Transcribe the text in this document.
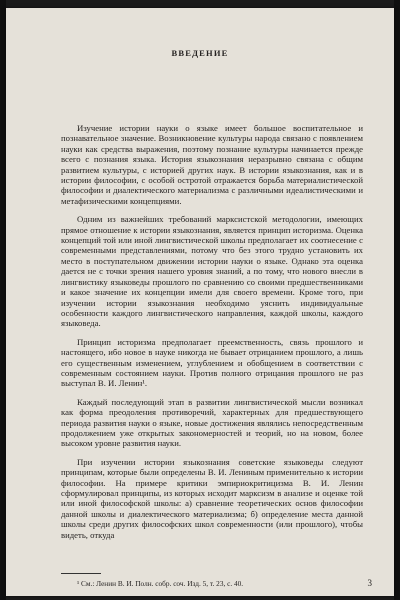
ВВЕДЕНИЕ

Изучение истории науки о языке имеет большое воспитательное и познавательное значение. Возникновение культуры народа связано с появлением науки как средства выражения, поэтому познание культуры начинается прежде всего с познания языка. История языкознания неразрывно связана с общим развитием культуры, с историей других наук. В истории языкознания, как и в истории философии, с особой остротой отражается борьба материалистической философии и диалектического материализма с различными идеалистическими и метафизическими концепциями.

Одним из важнейших требований марксистской методологии, имеющих прямое отношение к истории языкознания, является принцип историзма. Оценка концепций той или иной лингвистической школы предполагает их соотнесение с современными представлениями, потому что без этого трудно установить их место в поступательном движении истории науки о языке. Однако эта оценка дается не с точки зрения нашего уровня знаний, а по тому, что нового внесли в лингвистику языковеды прошлого по сравнению со своими предшественниками и какое значение их концепции имели для своего времени. Кроме того, при изучении истории языкознания необходимо уяснить индивидуальные особенности каждого лингвистического направления, каждой школы, каждого языковеда.

Принцип историзма предполагает преемственность, связь прошлого и настоящего, ибо новое в науке никогда не бывает отрицанием прошлого, а лишь его существенным изменением, углублением и обобщением в соответствии с современным состоянием науки. Против полного отрицания прошлого не раз выступал В. И. Ленин¹.

Каждый последующий этап в развитии лингвистической мысли возникал как форма преодоления противоречий, характерных для предшествующего периода развития науки о языке, новые достижения являлись непосредственным продолжением уже открытых закономерностей и теорий, но на новом, более высоком уровне развития науки.

При изучении истории языкознания советские языковеды следуют принципам, которые были определены В. И. Лениным применительно к истории философии. На примере критики эмпириокритицизма В. И. Ленин сформулировал принципы, из которых исходит марксизм в анализе и оценке той или иной философской школы: а) сравнение теоретических основ философии данной школы и диалектического материализма; б) определение места данной школы среди других философских школ современности (или прошлого), чтобы видеть, откуда

¹ См.: Ленин В. И. Полн. собр. соч. Изд. 5, т. 23, с. 40.	3
